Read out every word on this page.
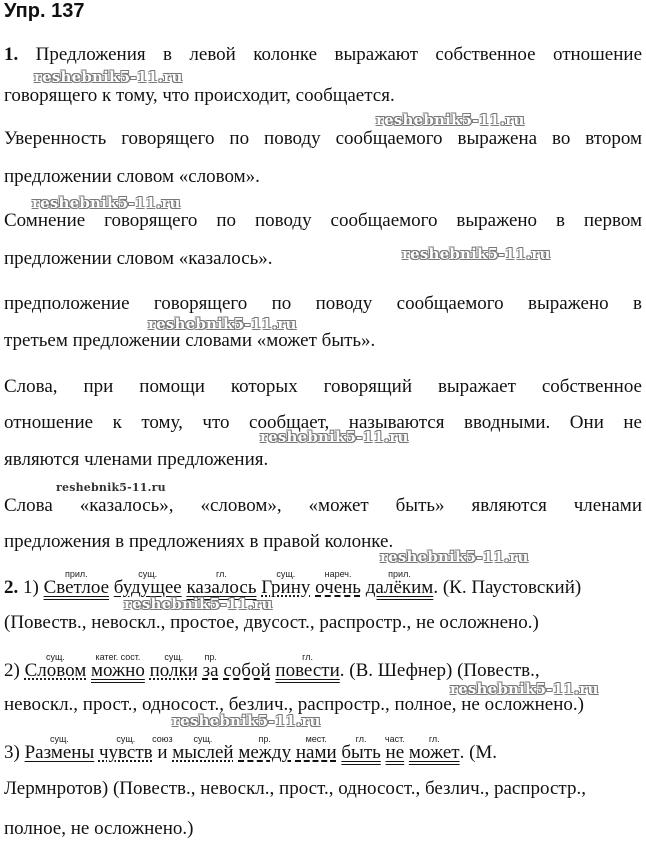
Упр. 137
1. Предложения в левой колонке выражают собственное отношение
говорящего к тому, что происходит, сообщается.
Уверенность говорящего по поводу сообщаемого выражена во втором
предложении словом «словом».
Сомнение говорящего по поводу сообщаемого выражено в первом
предложении словом «казалось».
предположение говорящего по поводу сообщаемого выражено в
третьем предложении словами «может быть».
Слова, при помощи которых говорящий выражает собственное
отношение к тому, что сообщает, называются вводными. Они не
являются членами предложения.
Слова «казалось», «словом», «может быть» являются членами
предложения в предложениях в правой колонке.
2. 1)
прил.
Светлое
сущ.
будущее
гл.
казалось
сущ.
Грину
нареч.
очень
прил.
далёким. (К. Паустовский)
(Повеств., невоскл., простое, двусост., распростр., не осложнено.)
2)
сущ.
Словом
катег. сост.
можно
сущ.
полки
пр.
за собой
гл.
повести. (В. Шефнер) (Повеств.,
невоскл., прост., односост., безлич., распростр., полное, не осложнено.)
3)
сущ.
Размены
сущ.
чувств
союз
и
сущ.
мыслей
пр.
между
мест.
нами
гл.
быть
част.
не
гл.
может. (М.
Лермнротов) (Повеств., невоскл., прост., односост., безлич., распростр.,
полное, не осложнено.)
reshebnik5-11.ru
reshebnik5-11.ru
reshebnik5-11.ru
reshebnik5-11.ru
reshebnik5-11.ru
reshebnik5-11.ru
reshebnik5-11.ru
reshebnik5-11.ru
reshebnik5-11.ru
reshebnik5-11.ru
reshebnik5-11.ru
